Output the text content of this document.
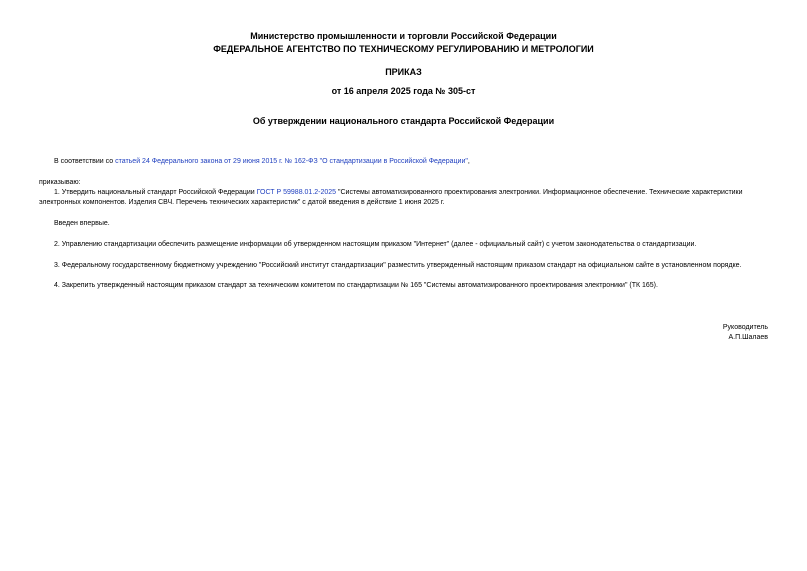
Министерство промышленности и торговли Российской Федерации
ФЕДЕРАЛЬНОЕ АГЕНТСТВО ПО ТЕХНИЧЕСКОМУ РЕГУЛИРОВАНИЮ И МЕТРОЛОГИИ
ПРИКАЗ
от 16 апреля 2025 года № 305-ст
Об утверждении национального стандарта Российской Федерации
В соответствии со статьей 24 Федерального закона от 29 июня 2015 г. № 162-ФЗ "О стандартизации в Российской Федерации",
приказываю:
1. Утвердить национальный стандарт Российской Федерации ГОСТ Р 59988.01.2-2025 "Системы автоматизированного проектирования электроники. Информационное обеспечение. Технические характеристики
электронных компонентов. Изделия СВЧ. Перечень технических характеристик" с датой введения в действие 1 июня 2025 г.
Введен впервые.
2. Управлению стандартизации обеспечить размещение информации об утвержденном настоящим приказом "Интернет" (далее - официальный сайт) с учетом законодательства о стандартизации.
3. Федеральному государственному бюджетному учреждению "Российский институт стандартизации" разместить утвержденный настоящим приказом стандарт на официальном сайте в установленном порядке.
4. Закрепить утвержденный настоящим приказом стандарт за техническим комитетом по стандартизации № 165 "Системы автоматизированного проектирования электроники" (ТК 165).
Руководитель
А.П.Шалаев
